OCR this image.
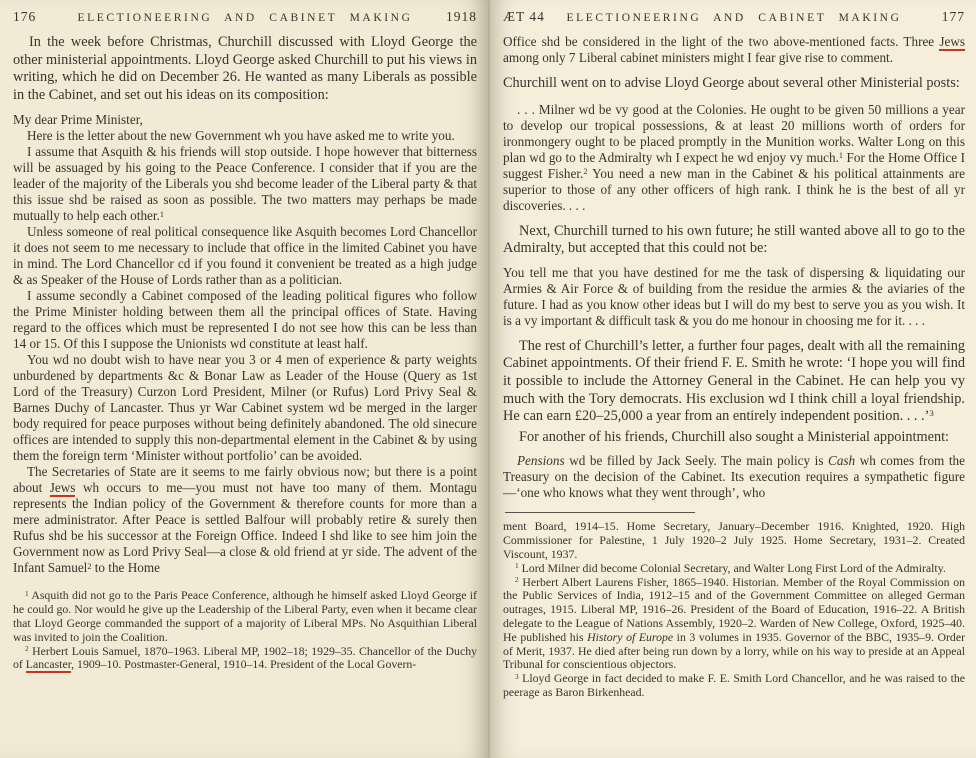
176	ELECTIONEERING AND CABINET MAKING	1918

In the week before Christmas, Churchill discussed with Lloyd George the other ministerial appointments. Lloyd George asked Churchill to put his views in writing, which he did on December 26. He wanted as many Liberals as possible in the Cabinet, and set out his ideas on its composition:

My dear Prime Minister,

Here is the letter about the new Government wh you have asked me to write you.

I assume that Asquith & his friends will stop outside. I hope however that bitterness will be assuaged by his going to the Peace Conference. I consider that if you are the leader of the majority of the Liberals you shd become leader of the Liberal party & that this issue shd be raised as soon as possible. The two matters may perhaps be made mutually to help each other.$^1$

Unless someone of real political consequence like Asquith becomes Lord Chancellor it does not seem to me necessary to include that office in the limited Cabinet you have in mind. The Lord Chancellor cd if you found it convenient be treated as a high judge & as Speaker of the House of Lords rather than as a politician.

I assume secondly a Cabinet composed of the leading political figures who follow the Prime Minister holding between them all the principal offices of State. Having regard to the offices which must be represented I do not see how this can be less than 14 or 15. Of this I suppose the Unionists wd constitute at least half.

You wd no doubt wish to have near you 3 or 4 men of experience & party weights unburdened by departments &c & Bonar Law as Leader of the House (Query as 1st Lord of the Treasury) Curzon Lord President, Milner (or Rufus) Lord Privy Seal & Barnes Duchy of Lancaster. Thus yr War Cabinet system wd be merged in the larger body required for peace purposes without being definitely abandoned. The old sinecure offices are intended to supply this non-departmental element in the Cabinet & by using them the foreign term ‘Minister without portfolio’ can be avoided.

The Secretaries of State are it seems to me fairly obvious now; but there is a point about Jews wh occurs to me—you must not have too many of them. Montagu represents the Indian policy of the Government & therefore counts for more than a mere administrator. After Peace is settled Balfour will probably retire & surely then Rufus shd be his successor at the Foreign Office. Indeed I shd like to see him join the Government now as Lord Privy Seal—a close & old friend at yr side. The advent of the Infant Samuel$^2$ to the Home

$^1$ Asquith did not go to the Paris Peace Conference, although he himself asked Lloyd George if he could go. Nor would he give up the Leadership of the Liberal Party, even when it became clear that Lloyd George commanded the support of a majority of Liberal MPs. No Asquithian Liberal was invited to join the Coalition.

$^2$ Herbert Louis Samuel, 1870–1963. Liberal MP, 1902–18; 1929–35. Chancellor of the Duchy of Lancaster, 1909–10. Postmaster-General, 1910–14. President of the Local Govern-

ÆT 44	ELECTIONEERING AND CABINET MAKING	177

Office shd be considered in the light of the two above-mentioned facts. Three Jews among only 7 Liberal cabinet ministers might I fear give rise to comment.

Churchill went on to advise Lloyd George about several other Ministerial posts:

. . . Milner wd be vy good at the Colonies. He ought to be given 50 millions a year to develop our tropical possessions, & at least 20 millions worth of orders for ironmongery ought to be placed promptly in the Munition works. Walter Long on this plan wd go to the Admiralty wh I expect he wd enjoy vy much.$^1$ For the Home Office I suggest Fisher.$^2$ You need a new man in the Cabinet & his political attainments are superior to those of any other officers of high rank. I think he is the best of all yr discoveries. . . .

Next, Churchill turned to his own future; he still wanted above all to go to the Admiralty, but accepted that this could not be:

You tell me that you have destined for me the task of dispersing & liquidating our Armies & Air Force & of building from the residue the armies & the aviaries of the future. I had as you know other ideas but I will do my best to serve you as you wish. It is a vy important & difficult task & you do me honour in choosing me for it. . . .

The rest of Churchill’s letter, a further four pages, dealt with all the remaining Cabinet appointments. Of their friend F. E. Smith he wrote: ‘I hope you will find it possible to include the Attorney General in the Cabinet. He can help you vy much with the Tory democrats. His exclusion wd I think chill a loyal friendship. He can earn £20–25,000 a year from an entirely independent position. . . .’$^3$

For another of his friends, Churchill also sought a Ministerial appointment:

Pensions wd be filled by Jack Seely. The main policy is Cash wh comes from the Treasury on the decision of the Cabinet. Its execution requires a sympathetic figure—‘one who knows what they went through’, who

ment Board, 1914–15. Home Secretary, January–December 1916. Knighted, 1920. High Commissioner for Palestine, 1 July 1920–2 July 1925. Home Secretary, 1931–2. Created Viscount, 1937.

$^1$ Lord Milner did become Colonial Secretary, and Walter Long First Lord of the Admiralty.

$^2$ Herbert Albert Laurens Fisher, 1865–1940. Historian. Member of the Royal Commission on the Public Services of India, 1912–15 and of the Government Committee on alleged German outrages, 1915. Liberal MP, 1916–26. President of the Board of Education, 1916–22. A British delegate to the League of Nations Assembly, 1920–2. Warden of New College, Oxford, 1925–40. He published his History of Europe in 3 volumes in 1935. Governor of the BBC, 1935–9. Order of Merit, 1937. He died after being run down by a lorry, while on his way to preside at an Appeal Tribunal for conscientious objectors.

$^3$ Lloyd George in fact decided to make F. E. Smith Lord Chancellor, and he was raised to the peerage as Baron Birkenhead.
